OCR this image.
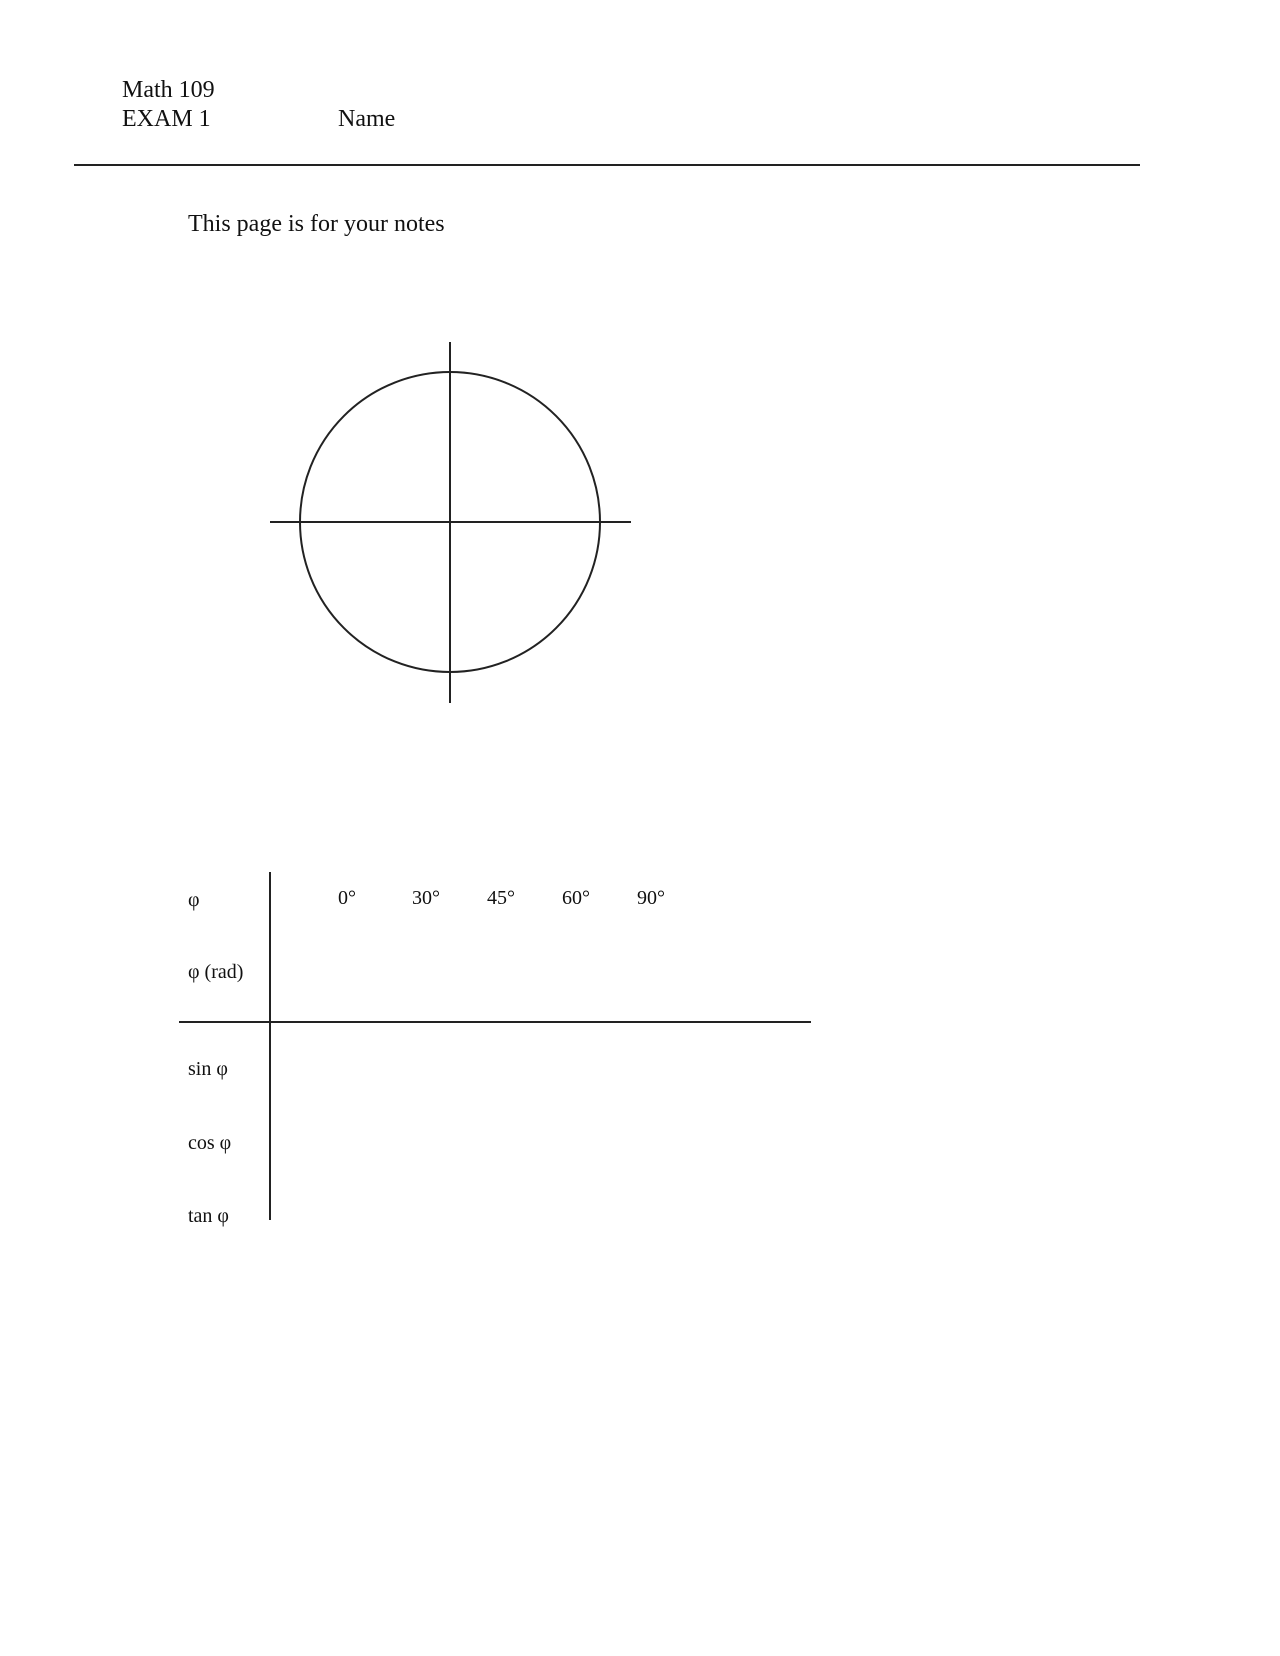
Math 109
EXAM 1	Name
This page is for your notes
φ
φ (rad)
sin φ
cos φ
tan φ
0°	30° 45° 60° 90°
